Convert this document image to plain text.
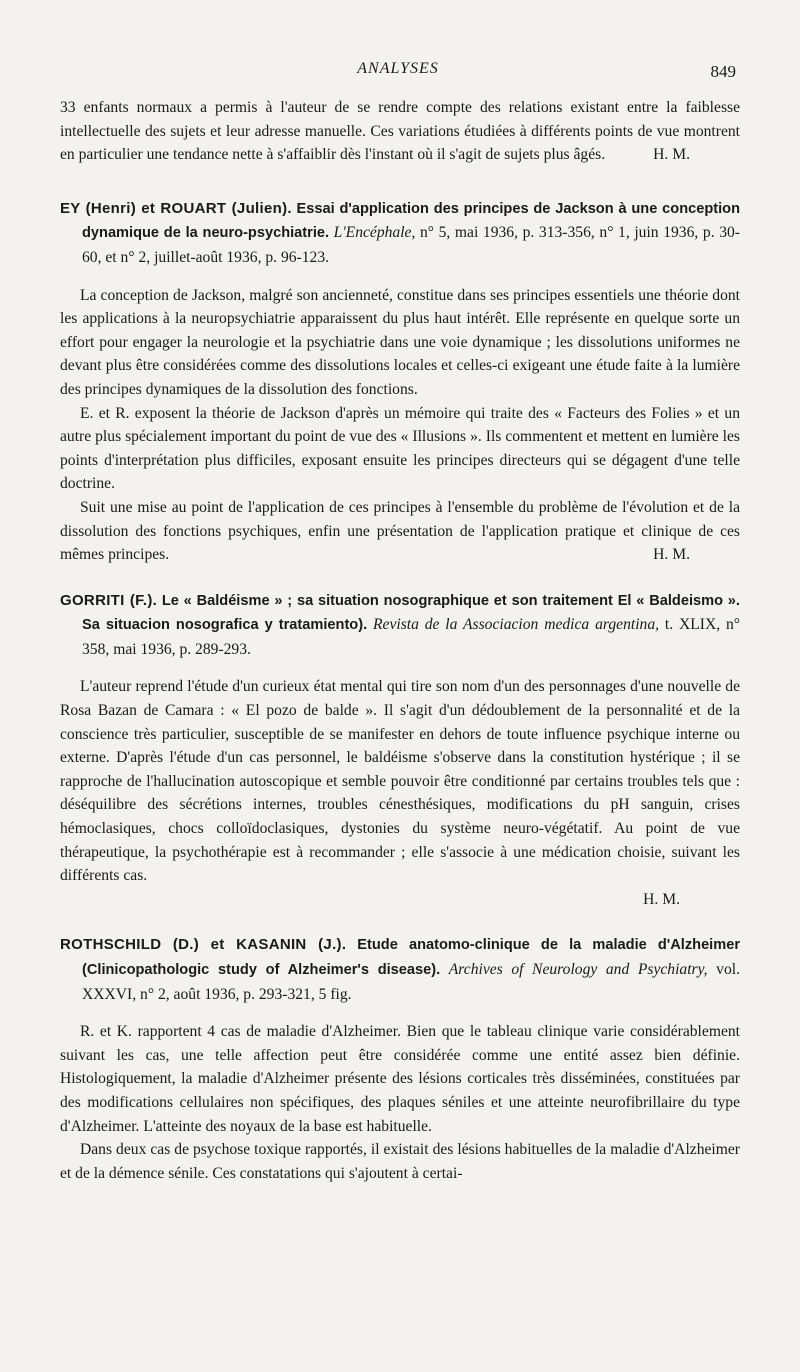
ANALYSES	849

33 enfants normaux a permis à l'auteur de se rendre compte des relations existant entre la faiblesse intellectuelle des sujets et leur adresse manuelle. Ces variations étudiées à différents points de vue montrent en particulier une tendance nette à s'affaiblir dès l'instant où il s'agit de sujets plus âgés.	H. M.

EY (Henri) et ROUART (Julien). Essai d'application des principes de Jackson à une conception dynamique de la neuro-psychiatrie. L'Encéphale, n° 5, mai 1936, p. 313-356, n° 1, juin 1936, p. 30-60, et n° 2, juillet-août 1936, p. 96-123.

La conception de Jackson, malgré son ancienneté, constitue dans ses principes essentiels une théorie dont les applications à la neuropsychiatrie apparaissent du plus haut intérêt. Elle représente en quelque sorte un effort pour engager la neurologie et la psychiatrie dans une voie dynamique ; les dissolutions uniformes ne devant plus être considérées comme des dissolutions locales et celles-ci exigeant une étude faite à la lumière des principes dynamiques de la dissolution des fonctions.

E. et R. exposent la théorie de Jackson d'après un mémoire qui traite des « Facteurs des Folies » et un autre plus spécialement important du point de vue des « Illusions ». Ils commentent et mettent en lumière les points d'interprétation plus difficiles, exposant ensuite les principes directeurs qui se dégagent d'une telle doctrine.

Suit une mise au point de l'application de ces principes à l'ensemble du problème de l'évolution et de la dissolution des fonctions psychiques, enfin une présentation de l'application pratique et clinique de ces mêmes principes.	H. M.

GORRITI (F.). Le « Baldéisme » ; sa situation nosographique et son traitement El « Baldeismo ». Sa situacion nosografica y tratamiento). Revista de la Associacion medica argentina, t. XLIX, n° 358, mai 1936, p. 289-293.

L'auteur reprend l'étude d'un curieux état mental qui tire son nom d'un des personnages d'une nouvelle de Rosa Bazan de Camara : « El pozo de balde ». Il s'agit d'un dédoublement de la personnalité et de la conscience très particulier, susceptible de se manifester en dehors de toute influence psychique interne ou externe. D'après l'étude d'un cas personnel, le baldéisme s'observe dans la constitution hystérique ; il se rapproche de l'hallucination autoscopique et semble pouvoir être conditionné par certains troubles tels que : déséquilibre des sécrétions internes, troubles cénesthésiques, modifications du pH sanguin, crises hémoclasiques, chocs colloïdoclasiques, dystonies du système neuro-végétatif. Au point de vue thérapeutique, la psychothérapie est à recommander ; elle s'associe à une médication choisie, suivant les différents cas.

H. M.

ROTHSCHILD (D.) et KASANIN (J.). Etude anatomo-clinique de la maladie d'Alzheimer (Clinicopathologic study of Alzheimer's disease). Archives of Neurology and Psychiatry, vol. XXXVI, n° 2, août 1936, p. 293-321, 5 fig.

R. et K. rapportent 4 cas de maladie d'Alzheimer. Bien que le tableau clinique varie considérablement suivant les cas, une telle affection peut être considérée comme une entité assez bien définie. Histologiquement, la maladie d'Alzheimer présente des lésions corticales très disséminées, constituées par des modifications cellulaires non spécifiques, des plaques séniles et une atteinte neurofibrillaire du type d'Alzheimer. L'atteinte des noyaux de la base est habituelle.

Dans deux cas de psychose toxique rapportés, il existait des lésions habituelles de la maladie d'Alzheimer et de la démence sénile. Ces constatations qui s'ajoutent à certai-
